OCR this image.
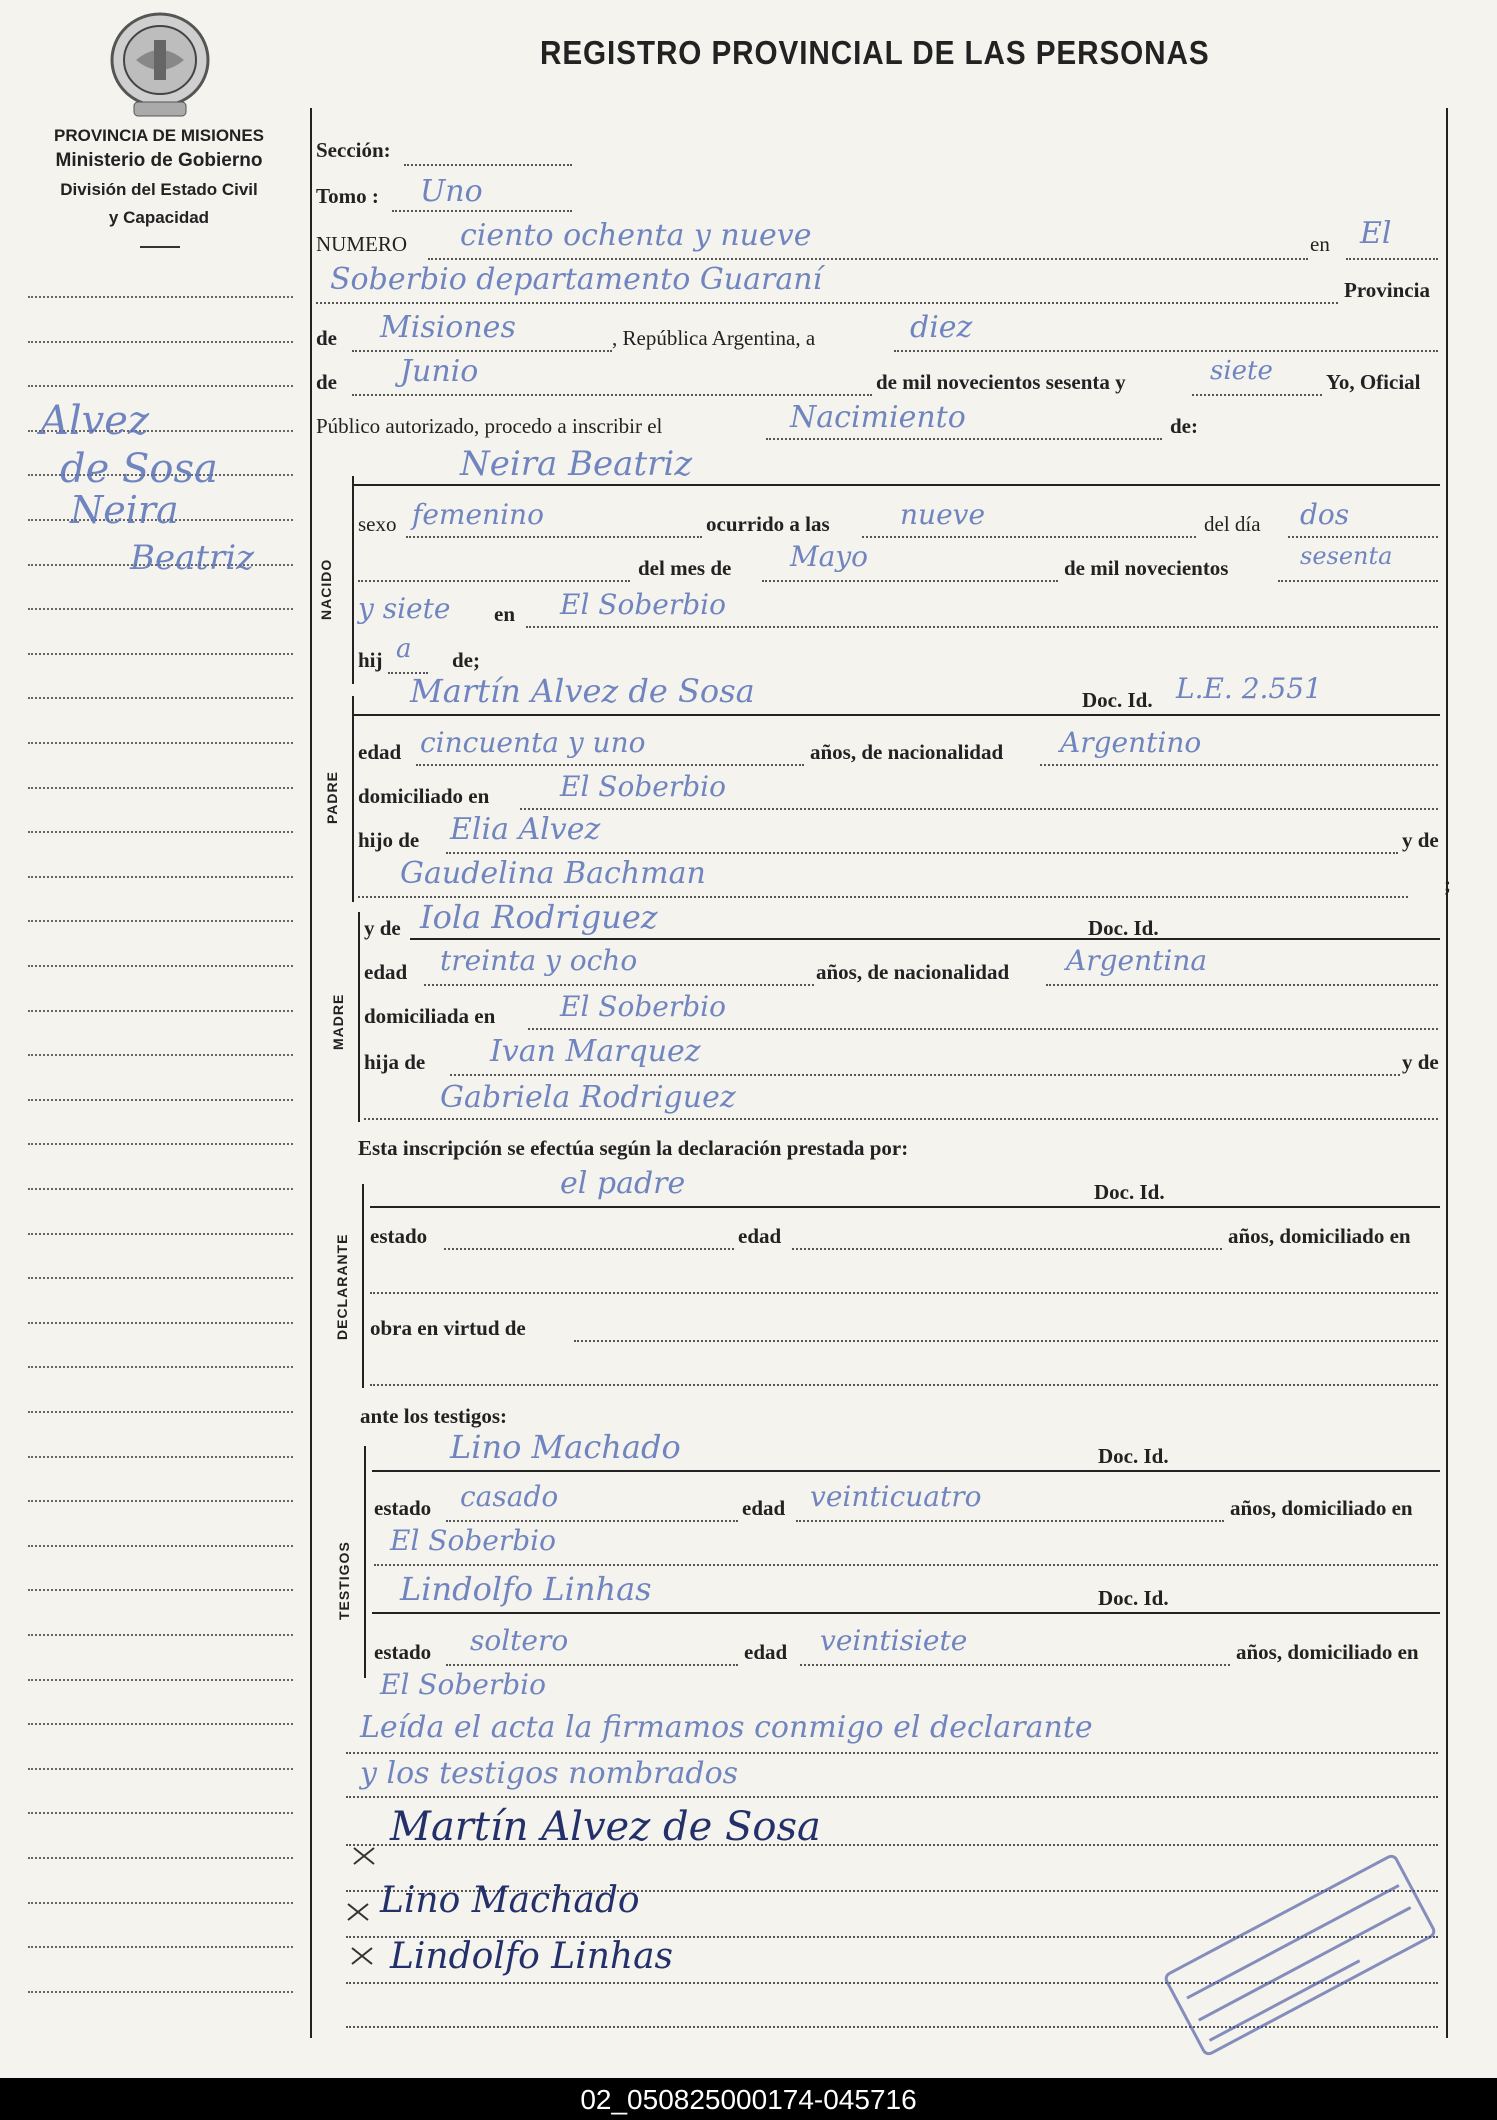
REGISTRO PROVINCIAL DE LAS PERSONAS
PROVINCIA DE MISIONES
Ministerio de Gobierno
División del Estado Civil
y Capacidad
Alvez
de Sosa
Neira
Beatriz
Sección:
Tomo : Uno
NUMERO ciento ochenta y nueve	en El
Soberbio departamento Guaraní	Provincia
de Misiones	, República Argentina, a	diez
de Junio	de mil novecientos sesenta y	siete	Yo, Oficial
Público autorizado, procedo a inscribir el	Nacimiento	de:
NACIDO
Neira Beatriz
sexo femenino	ocurrido a las	nueve	del día dos
del mes de Mayo	de mil novecientos	sesenta
y siete en El Soberbio
hij a de;
PADRE
Martín Alvez de Sosa	Doc. Id. L.E. 2.551
edad cincuenta y uno	años, de nacionalidad Argentino
domiciliado en	El Soberbio
hijo de Elia Alvez	y de
Gaudelina Bachman	;
MADRE
y de Iola Rodriguez	Doc. Id.
edad treinta y ocho	años, de nacionalidad Argentina
domiciliada en El Soberbio
hija de Ivan Marquez	y de
Gabriela Rodriguez
Esta inscripción se efectúa según la declaración prestada por:
DECLARANTE
el padre	Doc. Id.
estado	edad	años, domiciliado en
obra en virtud de
ante los testigos:
TESTIGOS
Lino Machado	Doc. Id.
estado casado	edad veinticuatro	años, domiciliado en
El Soberbio
Lindolfo Linhas	Doc. Id.
estado soltero	edad veintisiete	años, domiciliado en
El Soberbio
Leída el acta la firmamos conmigo el declarante
y los testigos nombrados
Martín Alvez de Sosa
Lino Machado
Lindolfo Linhas
02_050825000174-045716
